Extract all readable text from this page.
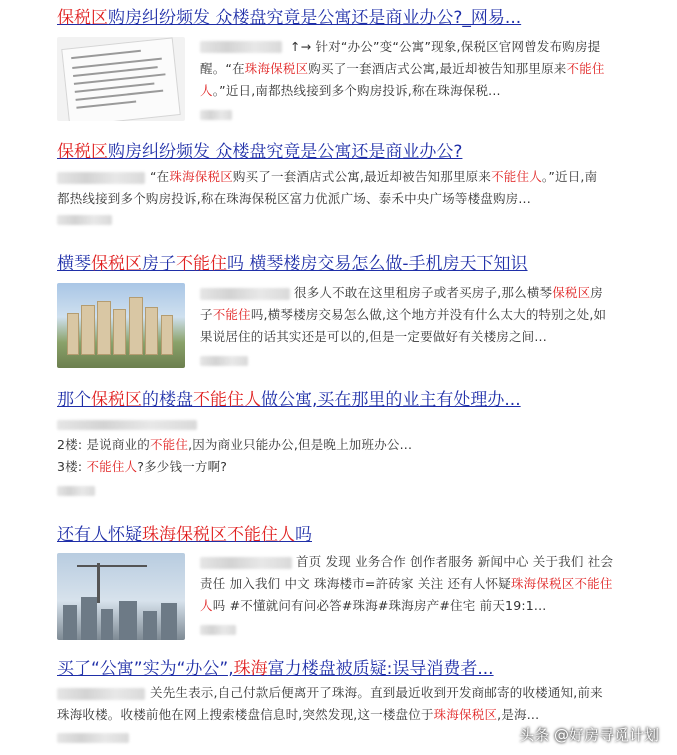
保税区购房纠纷频发 众楼盘究竟是公寓还是商业办公?_网易...
↑→ 针对“办公”变“公寓”现象,保税区官网曾发布购房提
醒。“在珠海保税区购买了一套酒店式公寓,最近却被告知那里原来不能住
人。”近日,南都热线接到多个购房投诉,称在珠海保税...
保税区购房纠纷频发 众楼盘究竟是公寓还是商业办公?
“在珠海保税区购买了一套酒店式公寓,最近却被告知那里原来不能住人。”近日,南
都热线接到多个购房投诉,称在珠海保税区富力优派广场、泰禾中央广场等楼盘购房...
横琴保税区房子不能住吗 横琴楼房交易怎么做-手机房天下知识
很多人不敢在这里租房子或者买房子,那么横琴保税区房
子不能住吗,横琴楼房交易怎么做,这个地方并没有什么太大的特别之处,如
果说居住的话其实还是可以的,但是一定要做好有关楼房之间...
那个保税区的楼盘不能住人做公寓,买在那里的业主有处理办...
2楼: 是说商业的不能住,因为商业只能办公,但是晚上加班办公...
3楼: 不能住人?多少钱一方啊?
还有人怀疑珠海保税区不能住人吗
首页 发现 业务合作 创作者服务 新闻中心 关于我们 社会
责任 加入我们 中文 珠海楼市=許砖家 关注 还有人怀疑珠海保税区不能住
人吗 #不懂就问有问必答#珠海#珠海房产#住宅 前天19:1...
买了“公寓”实为“办公”,珠海富力楼盘被质疑:误导消费者...
关先生表示,自己付款后便离开了珠海。直到最近收到开发商邮寄的收楼通知,前来
珠海收楼。收楼前他在网上搜索楼盘信息时,突然发现,这一楼盘位于珠海保税区,是海...
头条 @好房寻觅计划
